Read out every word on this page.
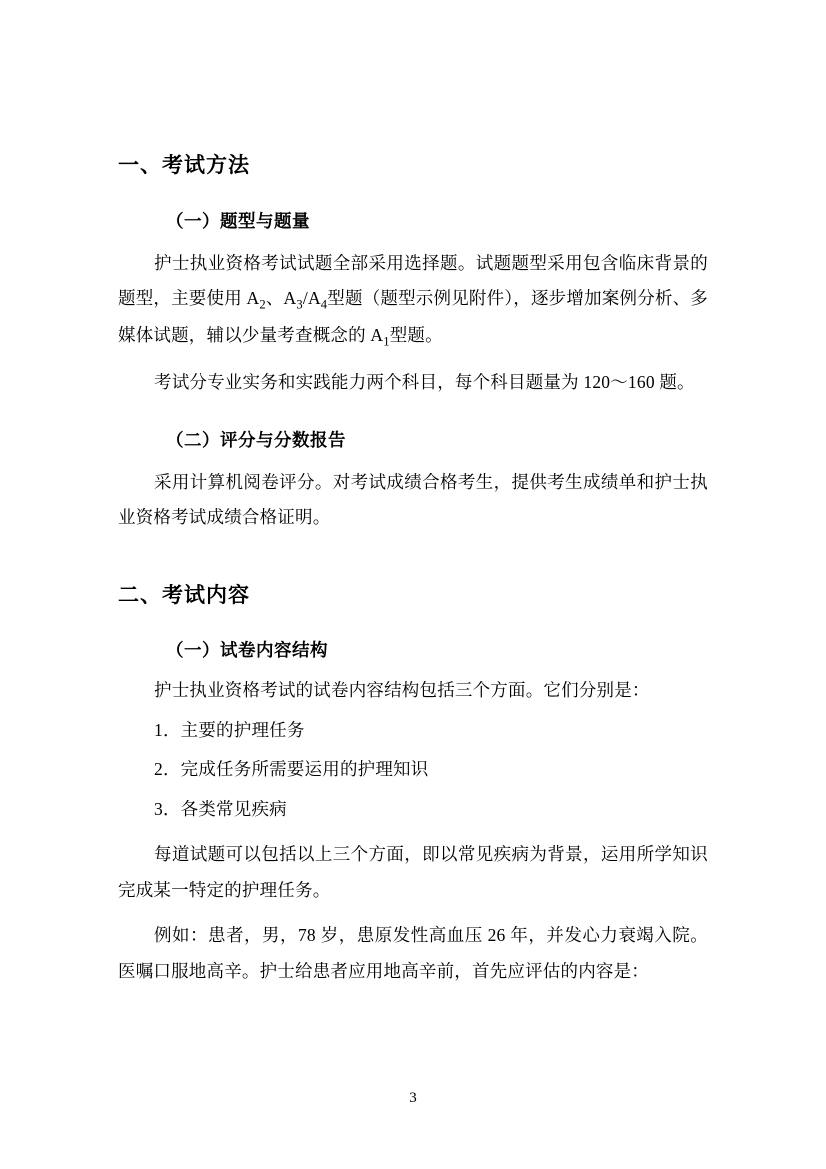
一、考试方法
（一）题型与题量

护士执业资格考试试题全部采用选择题。试题题型采用包含临床背景的题型，主要使用 $A_2$、$A_3/A_4$型题（题型示例见附件），逐步增加案例分析、多媒体试题，辅以少量考查概念的 $A_1$型题。

考试分专业实务和实践能力两个科目，每个科目题量为 120～160 题。

（二）评分与分数报告

采用计算机阅卷评分。对考试成绩合格考生，提供考生成绩单和护士执业资格考试成绩合格证明。

二、考试内容
（一）试卷内容结构

护士执业资格考试的试卷内容结构包括三个方面。它们分别是：

1．主要的护理任务

2．完成任务所需要运用的护理知识

3．各类常见疾病

每道试题可以包括以上三个方面，即以常见疾病为背景，运用所学知识完成某一特定的护理任务。

例如：患者，男，78 岁，患原发性高血压 26 年，并发心力衰竭入院。医嘱口服地高辛。护士给患者应用地高辛前，首先应评估的内容是：

3
